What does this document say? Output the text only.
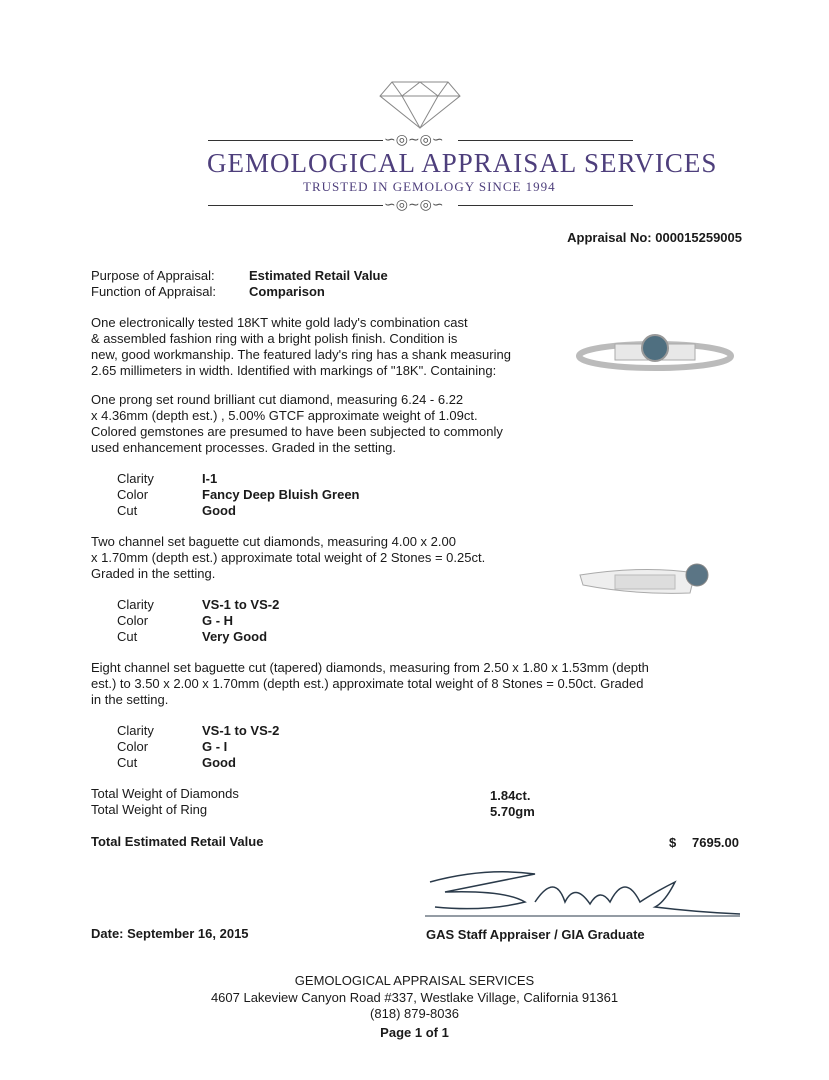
∽◎∼◎∽
GEMOLOGICAL APPRAISAL SERVICES
TRUSTED IN GEMOLOGY SINCE 1994
∽◎∼◎∽
Appraisal No: 000015259005
Purpose of Appraisal:	Estimated Retail Value
Function of Appraisal:	Comparison
One electronically tested 18KT white gold lady's combination cast
& assembled fashion ring with a bright polish finish. Condition is
new, good workmanship. The featured lady's ring has a shank measuring
2.65 millimeters in width. Identified with markings of "18K". Containing:
One prong set round brilliant cut diamond, measuring 6.24 - 6.22
x 4.36mm (depth est.) , 5.00% GTCF approximate weight of 1.09ct.
Colored gemstones are presumed to have been subjected to commonly
used enhancement processes. Graded in the setting.
Clarity	I-1
Color	Fancy Deep Bluish Green
Cut	Good
Two channel set baguette cut diamonds, measuring 4.00 x 2.00
x 1.70mm (depth est.) approximate total weight of 2 Stones = 0.25ct.
Graded in the setting.
Clarity	VS-1 to VS-2
Color	G - H
Cut	Very Good
Eight channel set baguette cut (tapered) diamonds, measuring from 2.50 x 1.80 x 1.53mm (depth
est.) to 3.50 x 2.00 x 1.70mm (depth est.) approximate total weight of 8 Stones = 0.50ct. Graded
in the setting.
Clarity	VS-1 to VS-2
Color	G - I
Cut	Good
Total Weight of Diamonds	1.84ct.
Total Weight of Ring	5.70gm
Total Estimated Retail Value	$ 7695.00
Date: September 16, 2015	GAS Staff Appraiser / GIA Graduate
GEMOLOGICAL APPRAISAL SERVICES
4607 Lakeview Canyon Road #337, Westlake Village, California 91361
(818) 879-8036
Page 1 of 1
